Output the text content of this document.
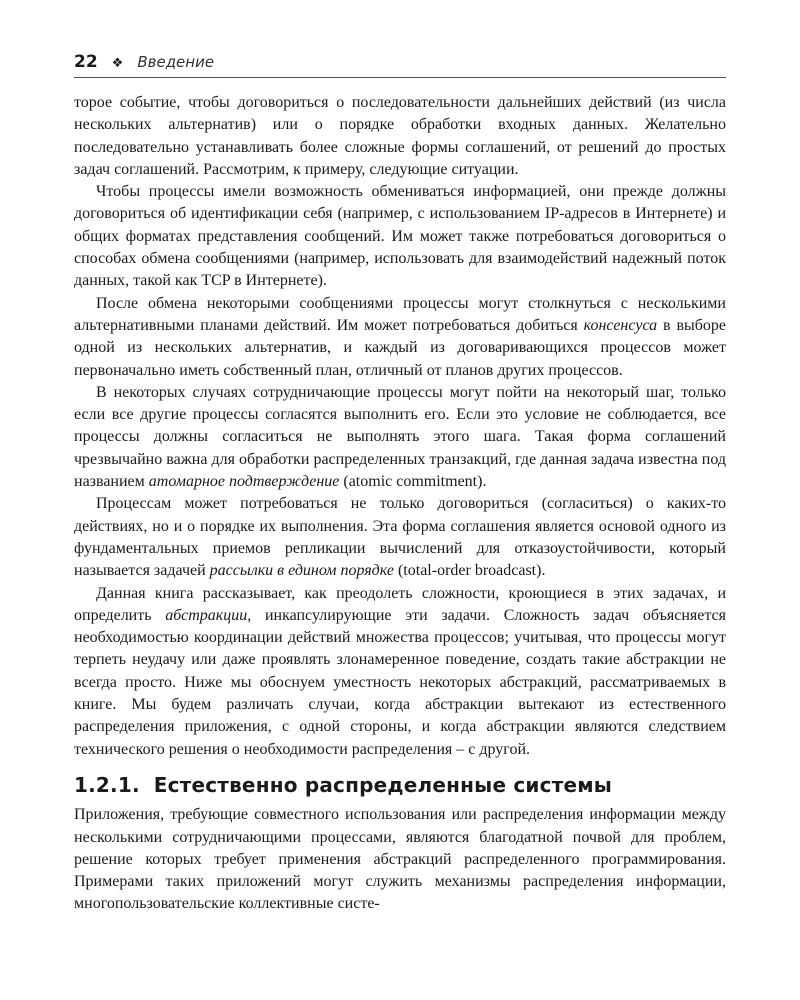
22 ❖ Введение

торое событие, чтобы договориться о последовательности дальнейших действий (из числа нескольких альтернатив) или о порядке обработки входных данных. Желательно последовательно устанавливать более сложные формы соглашений, от решений до простых задач соглашений. Рассмотрим, к примеру, следующие ситуации.

Чтобы процессы имели возможность обмениваться информацией, они прежде должны договориться об идентификации себя (например, с использованием IP-адресов в Интернете) и общих форматах представления сообщений. Им может также потребоваться договориться о способах обмена сообщениями (например, использовать для взаимодействий надежный поток данных, такой как TCP в Интернете).

После обмена некоторыми сообщениями процессы могут столкнуться с несколькими альтернативными планами действий. Им может потребоваться добиться консенсуса в выборе одной из нескольких альтернатив, и каждый из договаривающихся процессов может первоначально иметь собственный план, отличный от планов других процессов.

В некоторых случаях сотрудничающие процессы могут пойти на некоторый шаг, только если все другие процессы согласятся выполнить его. Если это условие не соблюдается, все процессы должны согласиться не выполнять этого шага. Такая форма соглашений чрезвычайно важна для обработки распределенных транзакций, где данная задача известна под названием атомарное подтверждение (atomic commitment).

Процессам может потребоваться не только договориться (согласиться) о каких-то действиях, но и о порядке их выполнения. Эта форма соглашения является основой одного из фундаментальных приемов репликации вычислений для отказоустойчивости, который называется задачей рассылки в едином порядке (total-order broadcast).

Данная книга рассказывает, как преодолеть сложности, кроющиеся в этих задачах, и определить абстракции, инкапсулирующие эти задачи. Сложность задач объясняется необходимостью координации действий множества процессов; учитывая, что процессы могут терпеть неудачу или даже проявлять злонамеренное поведение, создать такие абстракции не всегда просто. Ниже мы обоснуем уместность некоторых абстракций, рассматриваемых в книге. Мы будем различать случаи, когда абстракции вытекают из естественного распределения приложения, с одной стороны, и когда абстракции являются следствием технического решения о необходимости распределения – с другой.

1.2.1. Естественно распределенные системы

Приложения, требующие совместного использования или распределения информации между несколькими сотрудничающими процессами, являются благодатной почвой для проблем, решение которых требует применения абстракций распределенного программирования. Примерами таких приложений могут служить механизмы распределения информации, многопользовательские коллективные систе-
